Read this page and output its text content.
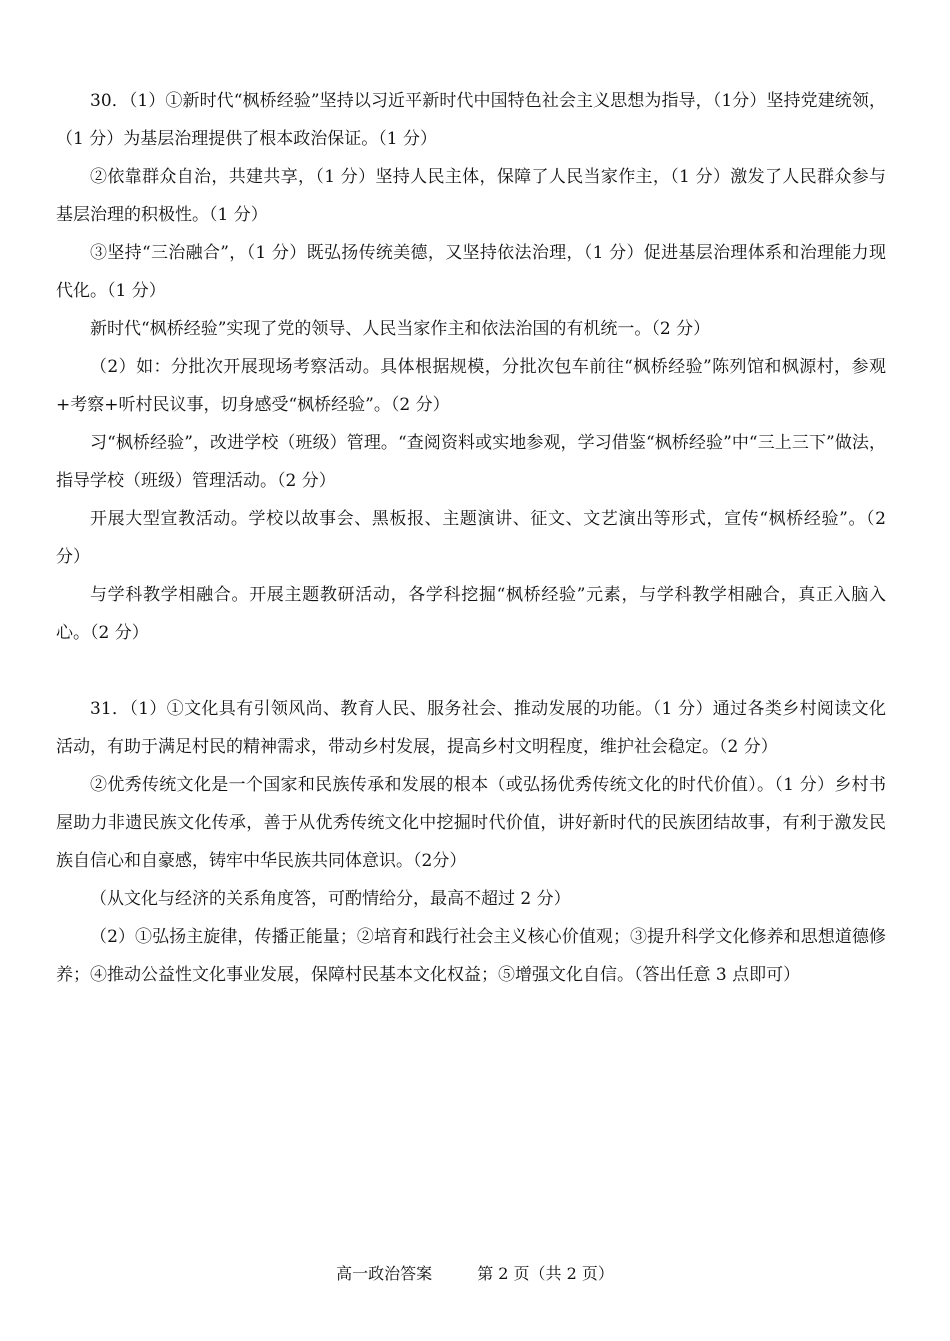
30．（1）①新时代“枫桥经验”坚持以习近平新时代中国特色社会主义思想为指导，（1分）坚持党建统领，（1 分）为基层治理提供了根本政治保证。（1 分）

②依靠群众自治，共建共享，（1 分）坚持人民主体，保障了人民当家作主，（1 分）激发了人民群众参与基层治理的积极性。（1 分）

③坚持“三治融合”，（1 分）既弘扬传统美德，又坚持依法治理，（1 分）促进基层治理体系和治理能力现代化。（1 分）

新时代“枫桥经验”实现了党的领导、人民当家作主和依法治国的有机统一。（2 分）

（2）如：分批次开展现场考察活动。具体根据规模，分批次包车前往“枫桥经验”陈列馆和枫源村，参观+考察+听村民议事，切身感受“枫桥经验”。（2 分）

习“枫桥经验”，改进学校（班级）管理。“查阅资料或实地参观，学习借鉴“枫桥经验”中“三上三下”做法，指导学校（班级）管理活动。（2 分）

开展大型宣教活动。学校以故事会、黑板报、主题演讲、征文、文艺演出等形式，宣传“枫桥经验”。（2 分）

与学科教学相融合。开展主题教研活动，各学科挖掘“枫桥经验”元素，与学科教学相融合，真正入脑入心。（2 分）

31．（1）①文化具有引领风尚、教育人民、服务社会、推动发展的功能。（1 分）通过各类乡村阅读文化活动，有助于满足村民的精神需求，带动乡村发展，提高乡村文明程度，维护社会稳定。（2 分）

②优秀传统文化是一个国家和民族传承和发展的根本（或弘扬优秀传统文化的时代价值）。（1 分）乡村书屋助力非遗民族文化传承，善于从优秀传统文化中挖掘时代价值，讲好新时代的民族团结故事，有利于激发民族自信心和自豪感，铸牢中华民族共同体意识。（2分）

（从文化与经济的关系角度答，可酌情给分，最高不超过 2 分）

（2）①弘扬主旋律，传播正能量；②培育和践行社会主义核心价值观；③提升科学文化修养和思想道德修养；④推动公益性文化事业发展，保障村民基本文化权益；⑤增强文化自信。（答出任意 3 点即可）

高一政治答案	第 2 页（共 2 页）
